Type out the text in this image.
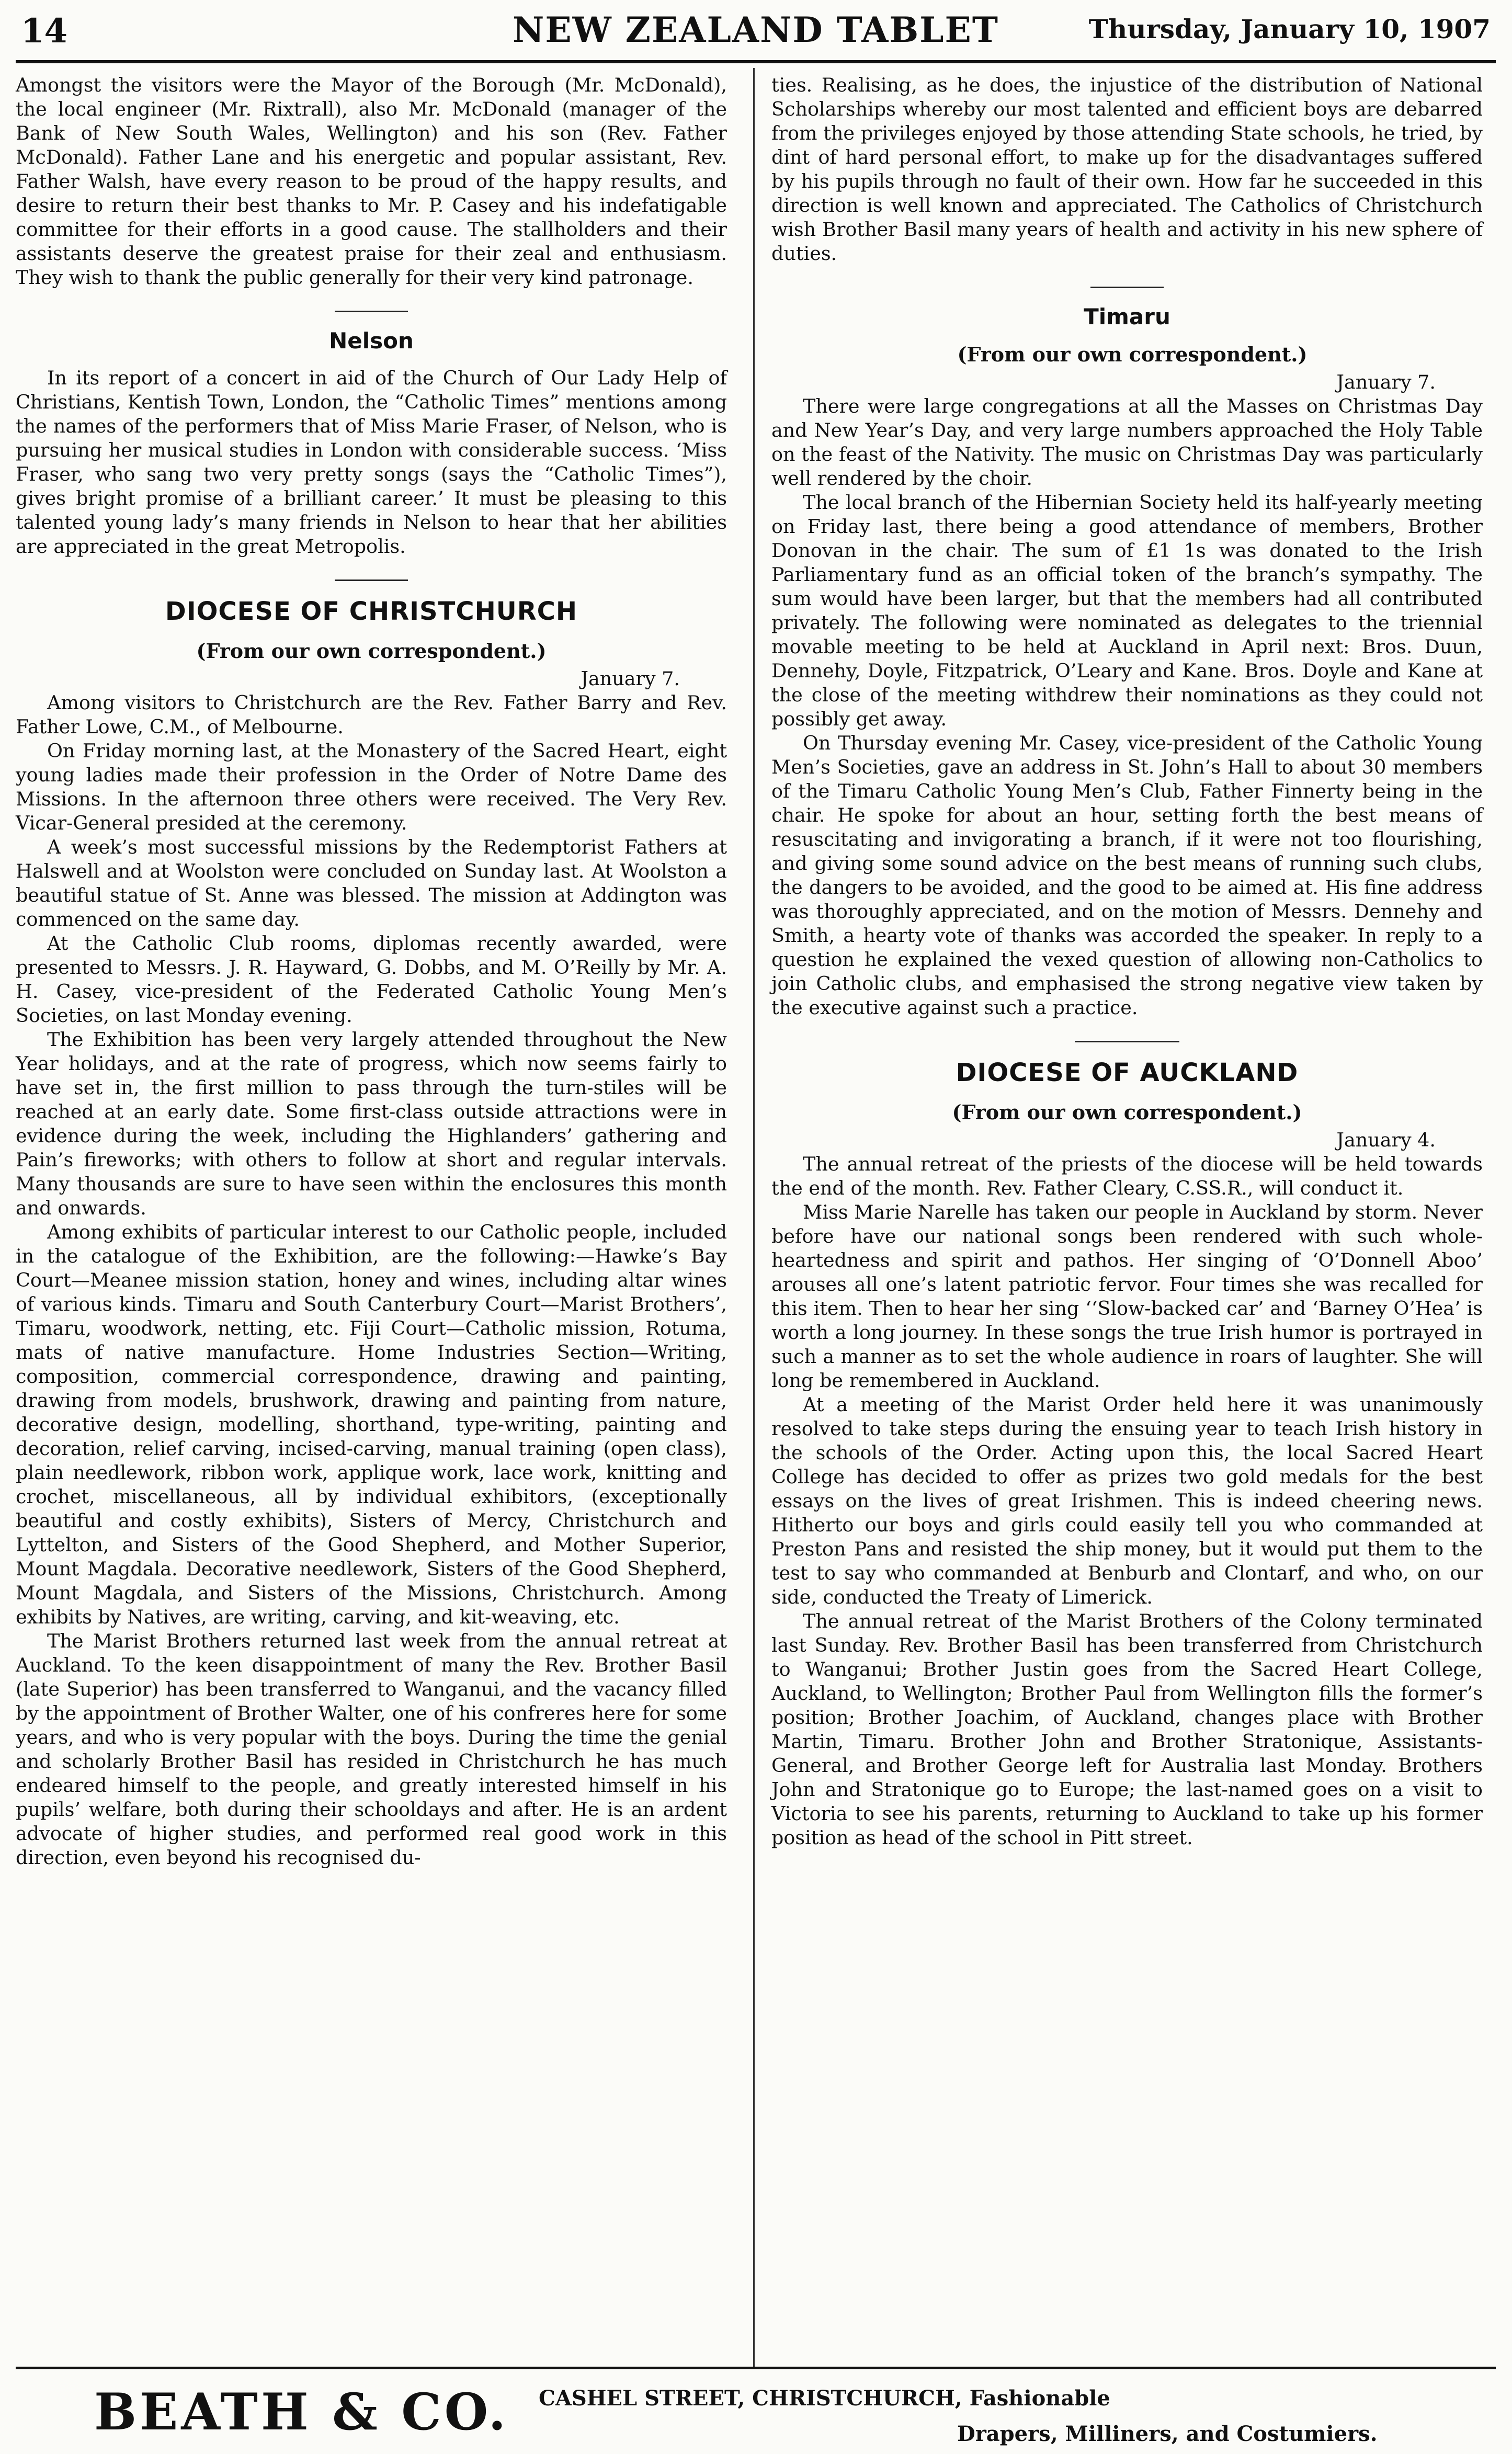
14	NEW ZEALAND TABLET	Thursday, January 10, 1907

Amongst the visitors were the Mayor of the Borough (Mr. McDonald), the local engineer (Mr. Rixtrall), also Mr. McDonald (manager of the Bank of New South Wales, Wellington) and his son (Rev. Father McDonald). Father Lane and his energetic and popular assistant, Rev. Father Walsh, have every reason to be proud of the happy results, and desire to return their best thanks to Mr. P. Casey and his indefatigable committee for their efforts in a good cause. The stallholders and their assistants deserve the greatest praise for their zeal and enthusiasm. They wish to thank the public generally for their very kind patronage.

Nelson

In its report of a concert in aid of the Church of Our Lady Help of Christians, Kentish Town, London, the “Catholic Times” mentions among the names of the performers that of Miss Marie Fraser, of Nelson, who is pursuing her musical studies in London with considerable success. ‘Miss Fraser, who sang two very pretty songs (says the “Catholic Times”), gives bright promise of a brilliant career.’ It must be pleasing to this talented young lady’s many friends in Nelson to hear that her abilities are appreciated in the great Metropolis.

DIOCESE OF CHRISTCHURCH
(From our own correspondent.)
January 7.

Among visitors to Christchurch are the Rev. Father Barry and Rev. Father Lowe, C.M., of Melbourne.

On Friday morning last, at the Monastery of the Sacred Heart, eight young ladies made their profession in the Order of Notre Dame des Missions. In the afternoon three others were received. The Very Rev. Vicar-General presided at the ceremony.

A week’s most successful missions by the Redemptorist Fathers at Halswell and at Woolston were concluded on Sunday last. At Woolston a beautiful statue of St. Anne was blessed. The mission at Addington was commenced on the same day.

At the Catholic Club rooms, diplomas recently awarded, were presented to Messrs. J. R. Hayward, G. Dobbs, and M. O’Reilly by Mr. A. H. Casey, vice-president of the Federated Catholic Young Men’s Societies, on last Monday evening.

The Exhibition has been very largely attended throughout the New Year holidays, and at the rate of progress, which now seems fairly to have set in, the first million to pass through the turn-stiles will be reached at an early date. Some first-class outside attractions were in evidence during the week, including the Highlanders’ gathering and Pain’s fireworks; with others to follow at short and regular intervals. Many thousands are sure to have seen within the enclosures this month and onwards.

Among exhibits of particular interest to our Catholic people, included in the catalogue of the Exhibition, are the following:—Hawke’s Bay Court—Meanee mission station, honey and wines, including altar wines of various kinds. Timaru and South Canterbury Court—Marist Brothers’, Timaru, woodwork, netting, etc. Fiji Court—Catholic mission, Rotuma, mats of native manufacture. Home Industries Section—Writing, composition, commercial correspondence, drawing and painting, drawing from models, brushwork, drawing and painting from nature, decorative design, modelling, shorthand, type-writing, painting and decoration, relief carving, incised-carving, manual training (open class), plain needlework, ribbon work, applique work, lace work, knitting and crochet, miscellaneous, all by individual exhibitors, (exceptionally beautiful and costly exhibits), Sisters of Mercy, Christchurch and Lyttelton, and Sisters of the Good Shepherd, and Mother Superior, Mount Magdala. Decorative needlework, Sisters of the Good Shepherd, Mount Magdala, and Sisters of the Missions, Christchurch. Among exhibits by Natives, are writing, carving, and kit-weaving, etc.

The Marist Brothers returned last week from the annual retreat at Auckland. To the keen disappointment of many the Rev. Brother Basil (late Superior) has been transferred to Wanganui, and the vacancy filled by the appointment of Brother Walter, one of his confreres here for some years, and who is very popular with the boys. During the time the genial and scholarly Brother Basil has resided in Christchurch he has much endeared himself to the people, and greatly interested himself in his pupils’ welfare, both during their schooldays and after. He is an ardent advocate of higher studies, and performed real good work in this direction, even beyond his recognised du-

ties. Realising, as he does, the injustice of the distribution of National Scholarships whereby our most talented and efficient boys are debarred from the privileges enjoyed by those attending State schools, he tried, by dint of hard personal effort, to make up for the disadvantages suffered by his pupils through no fault of their own. How far he succeeded in this direction is well known and appreciated. The Catholics of Christchurch wish Brother Basil many years of health and activity in his new sphere of duties.

Timaru
(From our own correspondent.)
January 7.

There were large congregations at all the Masses on Christmas Day and New Year’s Day, and very large numbers approached the Holy Table on the feast of the Nativity. The music on Christmas Day was particularly well rendered by the choir.

The local branch of the Hibernian Society held its half-yearly meeting on Friday last, there being a good attendance of members, Brother Donovan in the chair. The sum of £1 1s was donated to the Irish Parliamentary fund as an official token of the branch’s sympathy. The sum would have been larger, but that the members had all contributed privately. The following were nominated as delegates to the triennial movable meeting to be held at Auckland in April next: Bros. Duun, Dennehy, Doyle, Fitzpatrick, O’Leary and Kane. Bros. Doyle and Kane at the close of the meeting withdrew their nominations as they could not possibly get away.

On Thursday evening Mr. Casey, vice-president of the Catholic Young Men’s Societies, gave an address in St. John’s Hall to about 30 members of the Timaru Catholic Young Men’s Club, Father Finnerty being in the chair. He spoke for about an hour, setting forth the best means of resuscitating and invigorating a branch, if it were not too flourishing, and giving some sound advice on the best means of running such clubs, the dangers to be avoided, and the good to be aimed at. His fine address was thoroughly appreciated, and on the motion of Messrs. Dennehy and Smith, a hearty vote of thanks was accorded the speaker. In reply to a question he explained the vexed question of allowing non-Catholics to join Catholic clubs, and emphasised the strong negative view taken by the executive against such a practice.

DIOCESE OF AUCKLAND
(From our own correspondent.)
January 4.

The annual retreat of the priests of the diocese will be held towards the end of the month. Rev. Father Cleary, C.SS.R., will conduct it.

Miss Marie Narelle has taken our people in Auckland by storm. Never before have our national songs been rendered with such whole-heartedness and spirit and pathos. Her singing of ‘O’Donnell Aboo’ arouses all one’s latent patriotic fervor. Four times she was recalled for this item. Then to hear her sing ‘‘Slow-backed car’ and ‘Barney O’Hea’ is worth a long journey. In these songs the true Irish humor is portrayed in such a manner as to set the whole audience in roars of laughter. She will long be remembered in Auckland.

At a meeting of the Marist Order held here it was unanimously resolved to take steps during the ensuing year to teach Irish history in the schools of the Order. Acting upon this, the local Sacred Heart College has decided to offer as prizes two gold medals for the best essays on the lives of great Irishmen. This is indeed cheering news. Hitherto our boys and girls could easily tell you who commanded at Preston Pans and resisted the ship money, but it would put them to the test to say who commanded at Benburb and Clontarf, and who, on our side, conducted the Treaty of Limerick.

The annual retreat of the Marist Brothers of the Colony terminated last Sunday. Rev. Brother Basil has been transferred from Christchurch to Wanganui; Brother Justin goes from the Sacred Heart College, Auckland, to Wellington; Brother Paul from Wellington fills the former’s position; Brother Joachim, of Auckland, changes place with Brother Martin, Timaru. Brother John and Brother Stratonique, Assistants-General, and Brother George left for Australia last Monday. Brothers John and Stratonique go to Europe; the last-named goes on a visit to Victoria to see his parents, returning to Auckland to take up his former position as head of the school in Pitt street.

BEATH & CO. CASHEL STREET, CHRISTCHURCH, Fashionable
Drapers, Milliners, and Costumiers.
